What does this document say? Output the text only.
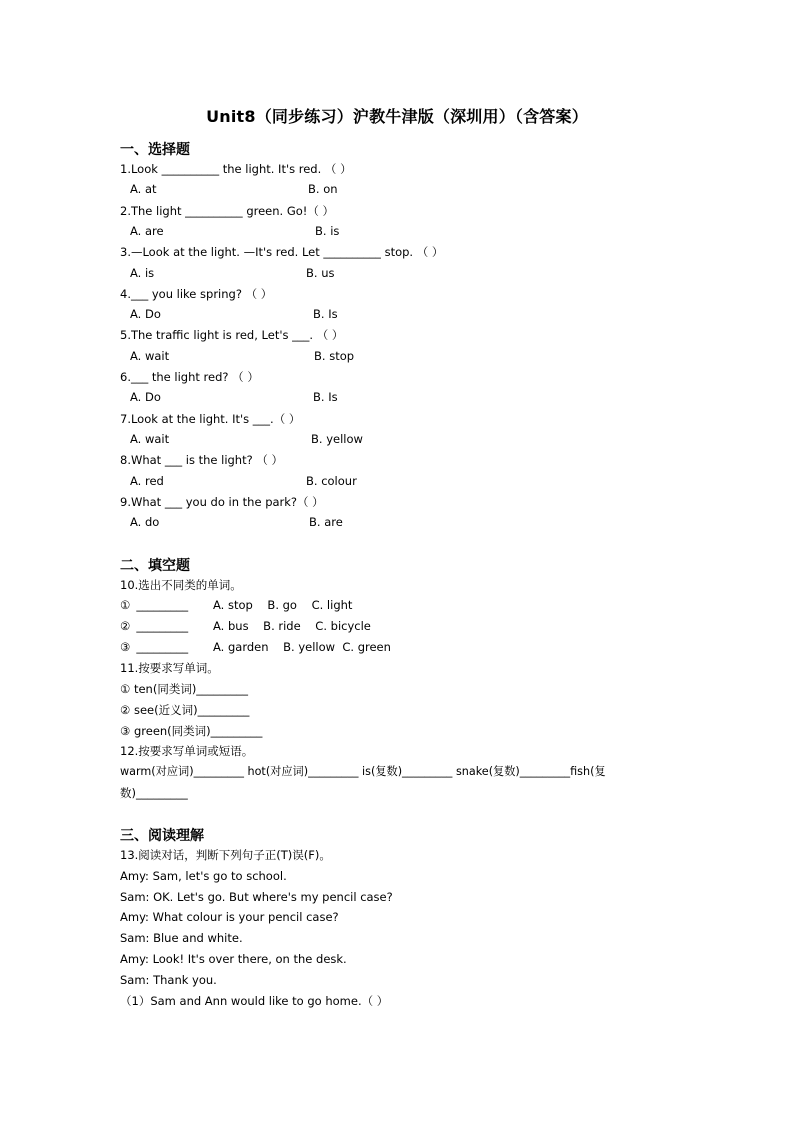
Unit8（同步练习）沪教牛津版（深圳用）（含答案）
一、选择题
1.Look __________ the light. It's red. （ ）
A. at	B. on
2.The light __________ green. Go!（ ）
A. are	B. is
3.—Look at the light. —It's red. Let __________ stop. （ ）
A. is	B. us
4.___ you like spring? （ ）
A. Do	B. Is
5.The traffic light is red, Let's ___. （ ）
A. wait	B. stop
6.___ the light red? （ ）
A. Do	B. Is
7.Look at the light. It's ___.（ ）
A. wait	B. yellow
8.What ___ is the light? （ ）
A. red	B. colour
9.What ___ you do in the park?（ ）
A. do	B. are
二、填空题
10.选出不同类的单词。
① _________ A. stop    B. go    C. light
② _________ A. bus    B. ride    C. bicycle
③ _________ A. garden    B. yellow  C. green
11.按要求写单词。
① ten(同类词)_________
② see(近义词)_________
③ green(同类词)_________
12.按要求写单词或短语。
warm(对应词)_________ hot(对应词)_________ is(复数)_________ snake(复数)_________fish(复
数)_________
三、阅读理解
13.阅读对话，判断下列句子正(T)误(F)。
Amy: Sam, let's go to school.
Sam: OK. Let's go. But where's my pencil case?
Amy: What colour is your pencil case?
Sam: Blue and white.
Amy: Look! It's over there, on the desk.
Sam: Thank you.
（1）Sam and Ann would like to go home.（ ）
